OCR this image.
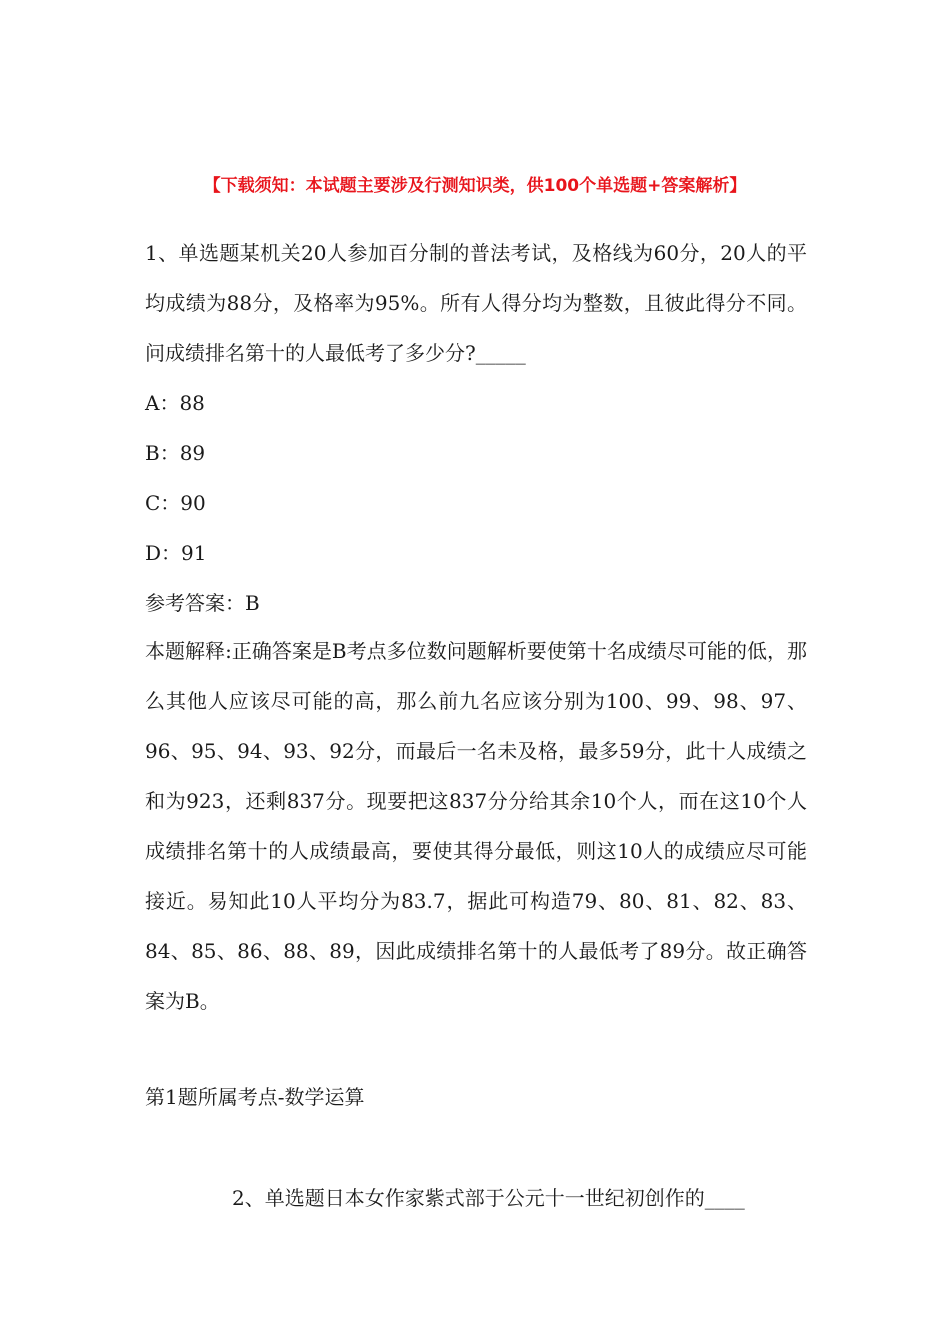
【下载须知：本试题主要涉及行测知识类，供100个单选题+答案解析】
1、单选题某机关20人参加百分制的普法考试，及格线为60分，20人的平均成绩为88分，及格率为95%。所有人得分均为整数，且彼此得分不同。问成绩排名第十的人最低考了多少分?_____
A：88
B：89
C：90
D：91
参考答案：B
本题解释:正确答案是B考点多位数问题解析要使第十名成绩尽可能的低，那么其他人应该尽可能的高，那么前九名应该分别为100、99、98、97、96、95、94、93、92分，而最后一名未及格，最多59分，此十人成绩之和为923，还剩837分。现要把这837分分给其余10个人，而在这10个人成绩排名第十的人成绩最高，要使其得分最低，则这10人的成绩应尽可能接近。易知此10人平均分为83.7，据此可构造79、80、81、82、83、84、85、86、88、89，因此成绩排名第十的人最低考了89分。故正确答案为B。
第1题所属考点-数学运算
2、单选题日本女作家紫式部于公元十一世纪初创作的____
